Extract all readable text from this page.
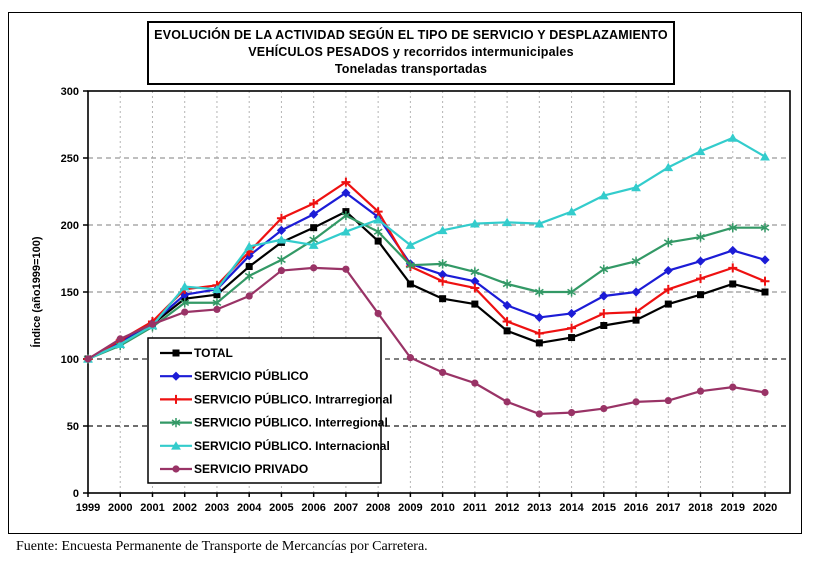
EVOLUCIÓN DE LA ACTIVIDAD SEGÚN EL TIPO DE SERVICIO Y DESPLAZAMIENTO
VEHÍCULOS PESADOS y recorridos intermunicipales
Toneladas transportadas
Índice (año1999=100)
0
50
100
150
200
250
300
1999 2000 2001 2002 2003 2004 2005 2006 2007 2008 2009 2010 2011 2012 2013 2014 2015 2016 2017 2018 2019 2020
TOTAL
SERVICIO PÚBLICO
SERVICIO PÚBLICO. Intrarregional
SERVICIO PÚBLICO. Interregional
SERVICIO PÚBLICO. Internacional
SERVICIO PRIVADO

Fuente: Encuesta Permanente de Transporte de Mercancías por Carretera.
